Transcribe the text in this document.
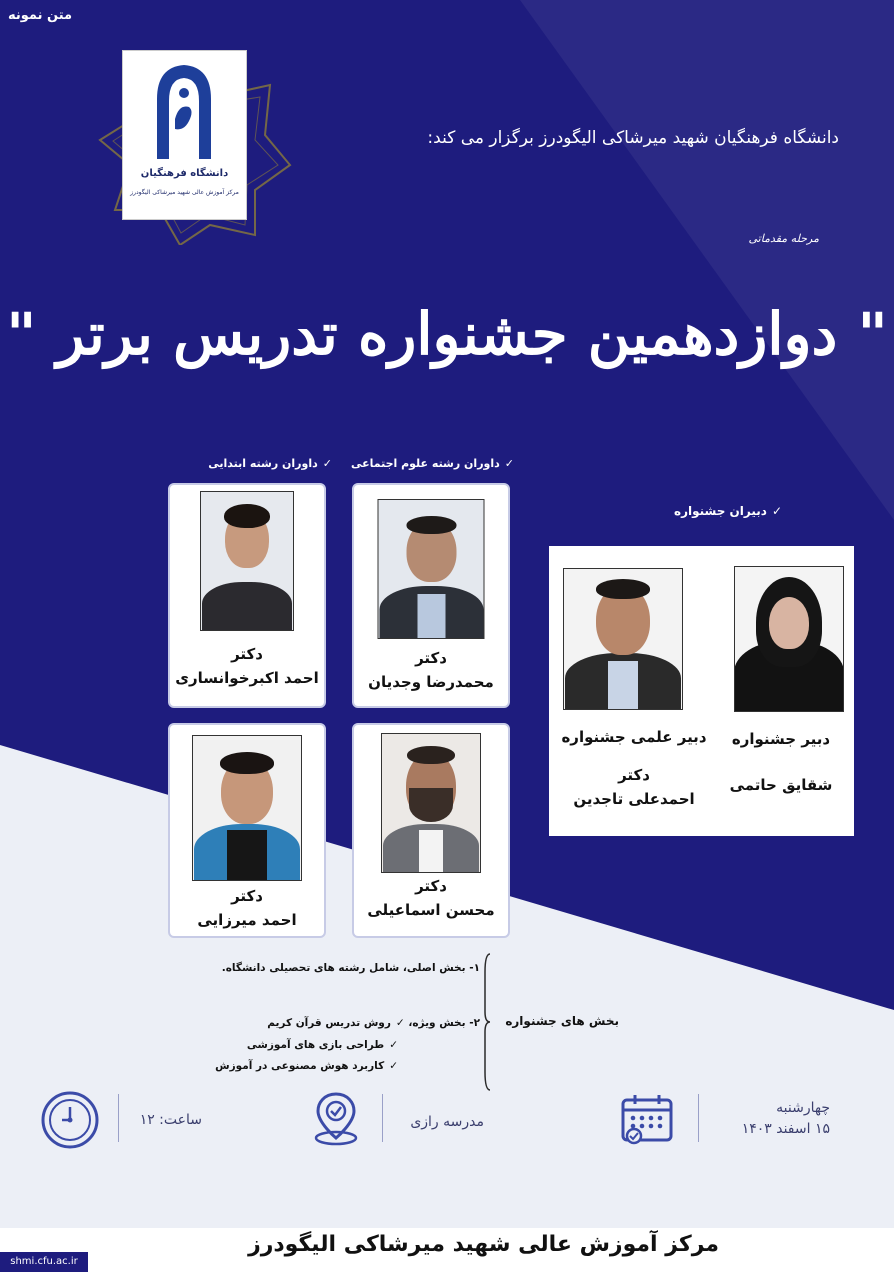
متن نمونه
دانشگاه فرهنگیان
مرکز آموزش عالی شهید میرشاکی الیگودرز
دانشگاه فرهنگیان شهید میرشاکی الیگودرز برگزار می کند:
مرحله مقدماتی
" دوازدهمین جشنواره تدریس برتر "
✓داوران رشته ابتدایی	✓داوران رشته علوم اجتماعی
✓دبیران جشنواره
دکتر
احمد اکبرخوانساری
دکتر
محمدرضا وجدیان
دکتر
احمد میرزایی
دکتر
محسن اسماعیلی
دبیر جشنواره
شقایق حاتمی
دبیر علمی جشنواره
دکتر
احمدعلی تاجدین
بخش های جشنواره
۱- بخش اصلی، شامل رشته های تحصیلی دانشگاه.
۲- بخش ویژه، ✓روش تدریس قرآن کریم
✓طراحی بازی های آموزشی
✓کاربرد هوش مصنوعی در آموزش
چهارشنبه
۱۵ اسفند ۱۴۰۳
مدرسه رازی
ساعت: ۱۲
مرکز آموزش عالی شهید میرشاکی الیگودرز
shmi.cfu.ac.ir
